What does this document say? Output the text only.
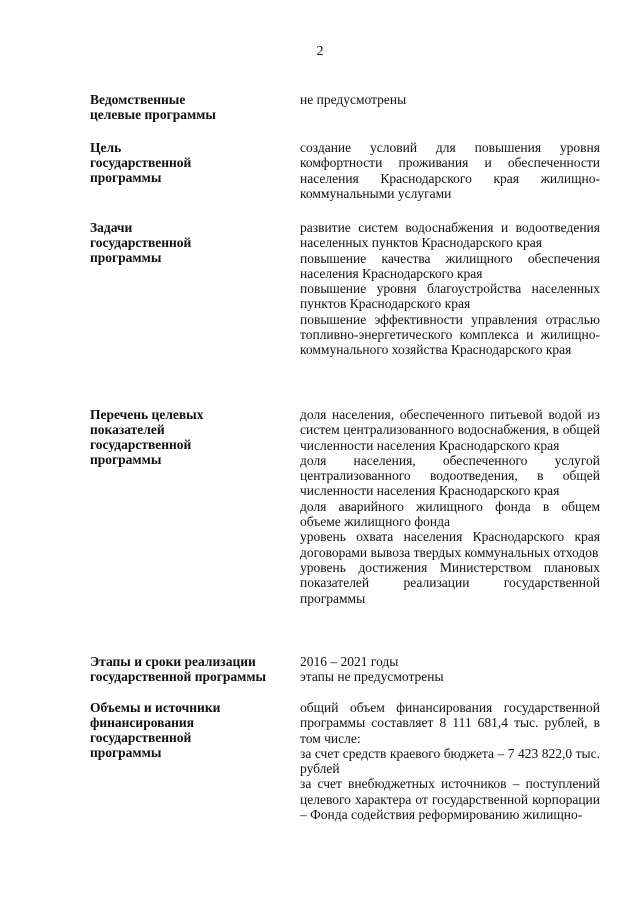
2
Ведомственные
целевые программы

не предусмотрены

Цель
государственной
программы

создание условий для повышения уровня комфортности проживания и обеспеченности населения Краснодарского края жилищно-коммунальными услугами

Задачи
государственной
программы

развитие систем водоснабжения и водоотведения населенных пунктов Краснодарского края

повышение качества жилищного обеспечения населения Краснодарского края

повышение уровня благоустройства населенных пунктов Краснодарского края

повышение эффективности управления отраслью топливно-энергетического комплекса и жилищно-коммунального хозяйства Краснодарского края

Перечень целевых
показателей
государственной
программы

доля населения, обеспеченного питьевой водой из систем централизованного водоснабжения, в общей численности населения Краснодарского края

доля населения, обеспеченного услугой централизованного водоотведения, в общей численности населения Краснодарского края

доля аварийного жилищного фонда в общем объеме жилищного фонда

уровень охвата населения Краснодарского края договорами вывоза твердых коммунальных отходов

уровень достижения Министерством плановых показателей реализации государственной программы

Этапы и сроки реализации
государственной программы

2016 – 2021 годы

этапы не предусмотрены

Объемы и источники
финансирования
государственной
программы

общий объем финансирования государственной программы составляет 8 111 681,4 тыс. рублей, в том числе:

за счет средств краевого бюджета – 7 423 822,0 тыс. рублей

за счет внебюджетных источников – поступлений целевого характера от государственной корпорации – Фонда содействия реформированию жилищно-
